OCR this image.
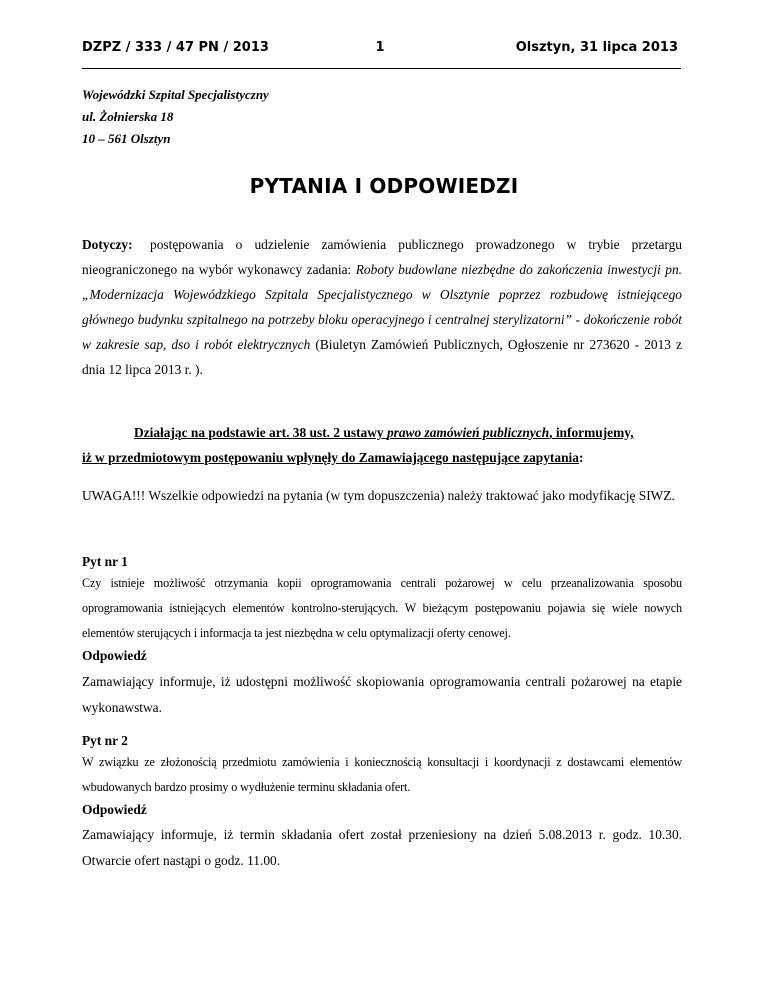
DZPZ / 333 / 47 PN / 2013	1	Olsztyn, 31 lipca 2013
Wojewódzki Szpital Specjalistyczny
ul. Żołnierska 18
10 – 561 Olsztyn
PYTANIA I ODPOWIEDZI
Dotyczy:	postępowania o udzielenie zamówienia publicznego prowadzonego w trybie przetargu nieograniczonego na wybór wykonawcy zadania: Roboty budowlane niezbędne do zakończenia inwestycji pn. „Modernizacja Wojewódzkiego Szpitala Specjalistycznego w Olsztynie poprzez rozbudowę istniejącego głównego budynku szpitalnego na potrzeby bloku operacyjnego i centralnej sterylizatorni” - dokończenie robót w zakresie sap, dso i robót elektrycznych (Biuletyn Zamówień Publicznych, Ogłoszenie nr 273620 - 2013 z dnia 12 lipca 2013 r. ).
Działając na podstawie art. 38 ust. 2 ustawy prawo zamówień publicznych, informujemy,
iż w przedmiotowym postępowaniu wpłynęły do Zamawiającego następujące zapytania:
UWAGA!!! Wszelkie odpowiedzi na pytania (w tym dopuszczenia) należy traktować jako modyfikację SIWZ.
Pyt nr 1
Czy istnieje możliwość otrzymania kopii oprogramowania centrali pożarowej w celu przeanalizowania sposobu oprogramowania istniejących elementów kontrolno-sterujących. W bieżącym postępowaniu pojawia się wiele nowych elementów sterujących i informacja ta jest niezbędna w celu optymalizacji oferty cenowej.
Odpowiedź
Zamawiający informuje, iż udostępni możliwość skopiowania oprogramowania centrali pożarowej na etapie wykonawstwa.
Pyt nr 2
W związku ze złożonością przedmiotu zamówienia i koniecznością konsultacji i koordynacji z dostawcami elementów wbudowanych bardzo prosimy o wydłużenie terminu składania ofert.
Odpowiedź
Zamawiający informuje, iż termin składania ofert został przeniesiony na dzień 5.08.2013 r. godz. 10.30. Otwarcie ofert nastąpi o godz. 11.00.
